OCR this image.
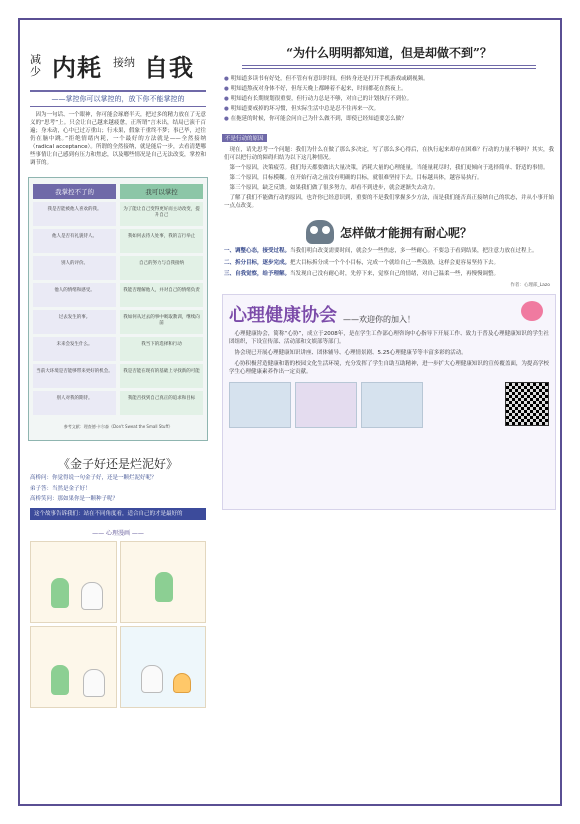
减少 内耗 接纳 自我
——掌控你可以掌控的，放下你不能掌控的

因为一句话、一个眼神，你可能会琢磨半天，把过多的精力放在了无意义的“思考”上。只会让自己越来越疲惫，正所谓“言未出，结局已演千百遍；身未动，心中已过万重山；行未果，假象千重终不梦；事已毕，过往仍在脑中跳。”拒绝情绪内耗，一个最好的方法就是——全然接纳（radical acceptance）。所谓的全然接纳，就是能后一步，去看清楚哪些事情让自己感到有压力和焦虑，以及哪些情况是自己无法改变，掌控和调节的。

我掌控不了的
我是否能被他人喜欢的我。
他人是否有礼貌待人。
别人的评价。
他人的情绪和感受。
过去发生的事。
未来会发生什么。
当前大环境是否能够带来更好的机会。
别人对我的期待。
我可以掌控
为了能让自己变得更好而主动改变，提升自己
我如何去待人处事，我的言行举止
自己的努力与自我接纳
我能否理解他人，并对自己的情绪负责
我如何从过去的事中吸取教训，继续向前
我当下的选择和行动
我是否能在现有的基础上寻找新的可能
我能否找到自己真正的追求和目标
参考文献：理查德·卡尔森《Don't Sweat the Small Stuff》
《金子好还是烂泥好》
高桥问：你觉得说一句金子好，还是一颗烂泥好呢？
弟子答：当然是金子好！
高桥笑问：那如果你是一颗种子呢？
这个故事告诉我们：站在不同角度看，适合自己的才是最好的
—— 心理漫画 ——
“为什么明明都知道，但是却做不到”？
● 明知道多读书有好处，但不管有有意识时间，但转身还是打开手机游戏或刷视频。
● 明知道熬夜对身体不好，但每天晚上都睡着不起来，时间都花在熬夜上。
● 明知道有长期规划很重要，但行动力总是不够，对自己的计划执行不到位。
● 明知道要戒掉的坏习惯，但实际生活中总是忍不住再来一次。
● 在拖延的时候，你可能会问自己为什么做不到，即使已经知道要怎么做？
不是行动的原因

现在，请先思考一个问题：我们为什么在做了那么多决定，写了那么多心得后，在执行起来却存在困难？行动的力量不够吗？其实，我们可以把行动的障碍归结为以下这几种情况。

第一个原因，决策疲劳。我们每天都要做出大量决策，消耗大量的心理能量，当能量耗尽时，我们更倾向于选择简单、舒适的事情。

第二个原因，目标模糊。在开始行动之前没有明确的目标，就很难坚持下去。目标越具体，越容易执行。

第三个原因，缺乏反馈。如果我们做了很多努力，却看不到进步，就会逐渐失去动力。

了解了我们不能做行动的原因，也许你已经意识到，重要的不是我们掌握多少方法，而是我们能否真正接纳自己的状态，并从小事开始一点点改变。

怎样做才能拥有耐心呢？

一、调整心态，接受过程。当我们明白改变需要时间，就会少一些焦虑，多一些耐心。不要急于看到结果，把注意力放在过程上。

二、拆分目标，逐步完成。把大目标拆分成一个个小目标，完成一个就给自己一些鼓励，这样会更容易坚持下去。

三、自我觉察，给予理解。当发现自己没有耐心时，先停下来，觉察自己的情绪，对自己温柔一些，再慢慢调整。

作者：心理部_Lazo
心理健康协会 ——欢迎你的加入！

心理健康协会，简称“心协”，成立于2008年，是在学生工作部心理咨询中心指导下开展工作、致力于普及心理健康知识的学生社团组织，下设宣传部、活动部和文娱部等部门。

协会现已开展心理健康知识讲座、团体辅导、心理情景剧、5.25心理健康节等丰富多彩的活动。

心协积极营造健康和谐的校园文化生活环境，充分发挥了学生自助互助精神，进一步扩大心理健康知识的宣传覆盖面，为提高学校学生心理健康素养作出一定贡献。
